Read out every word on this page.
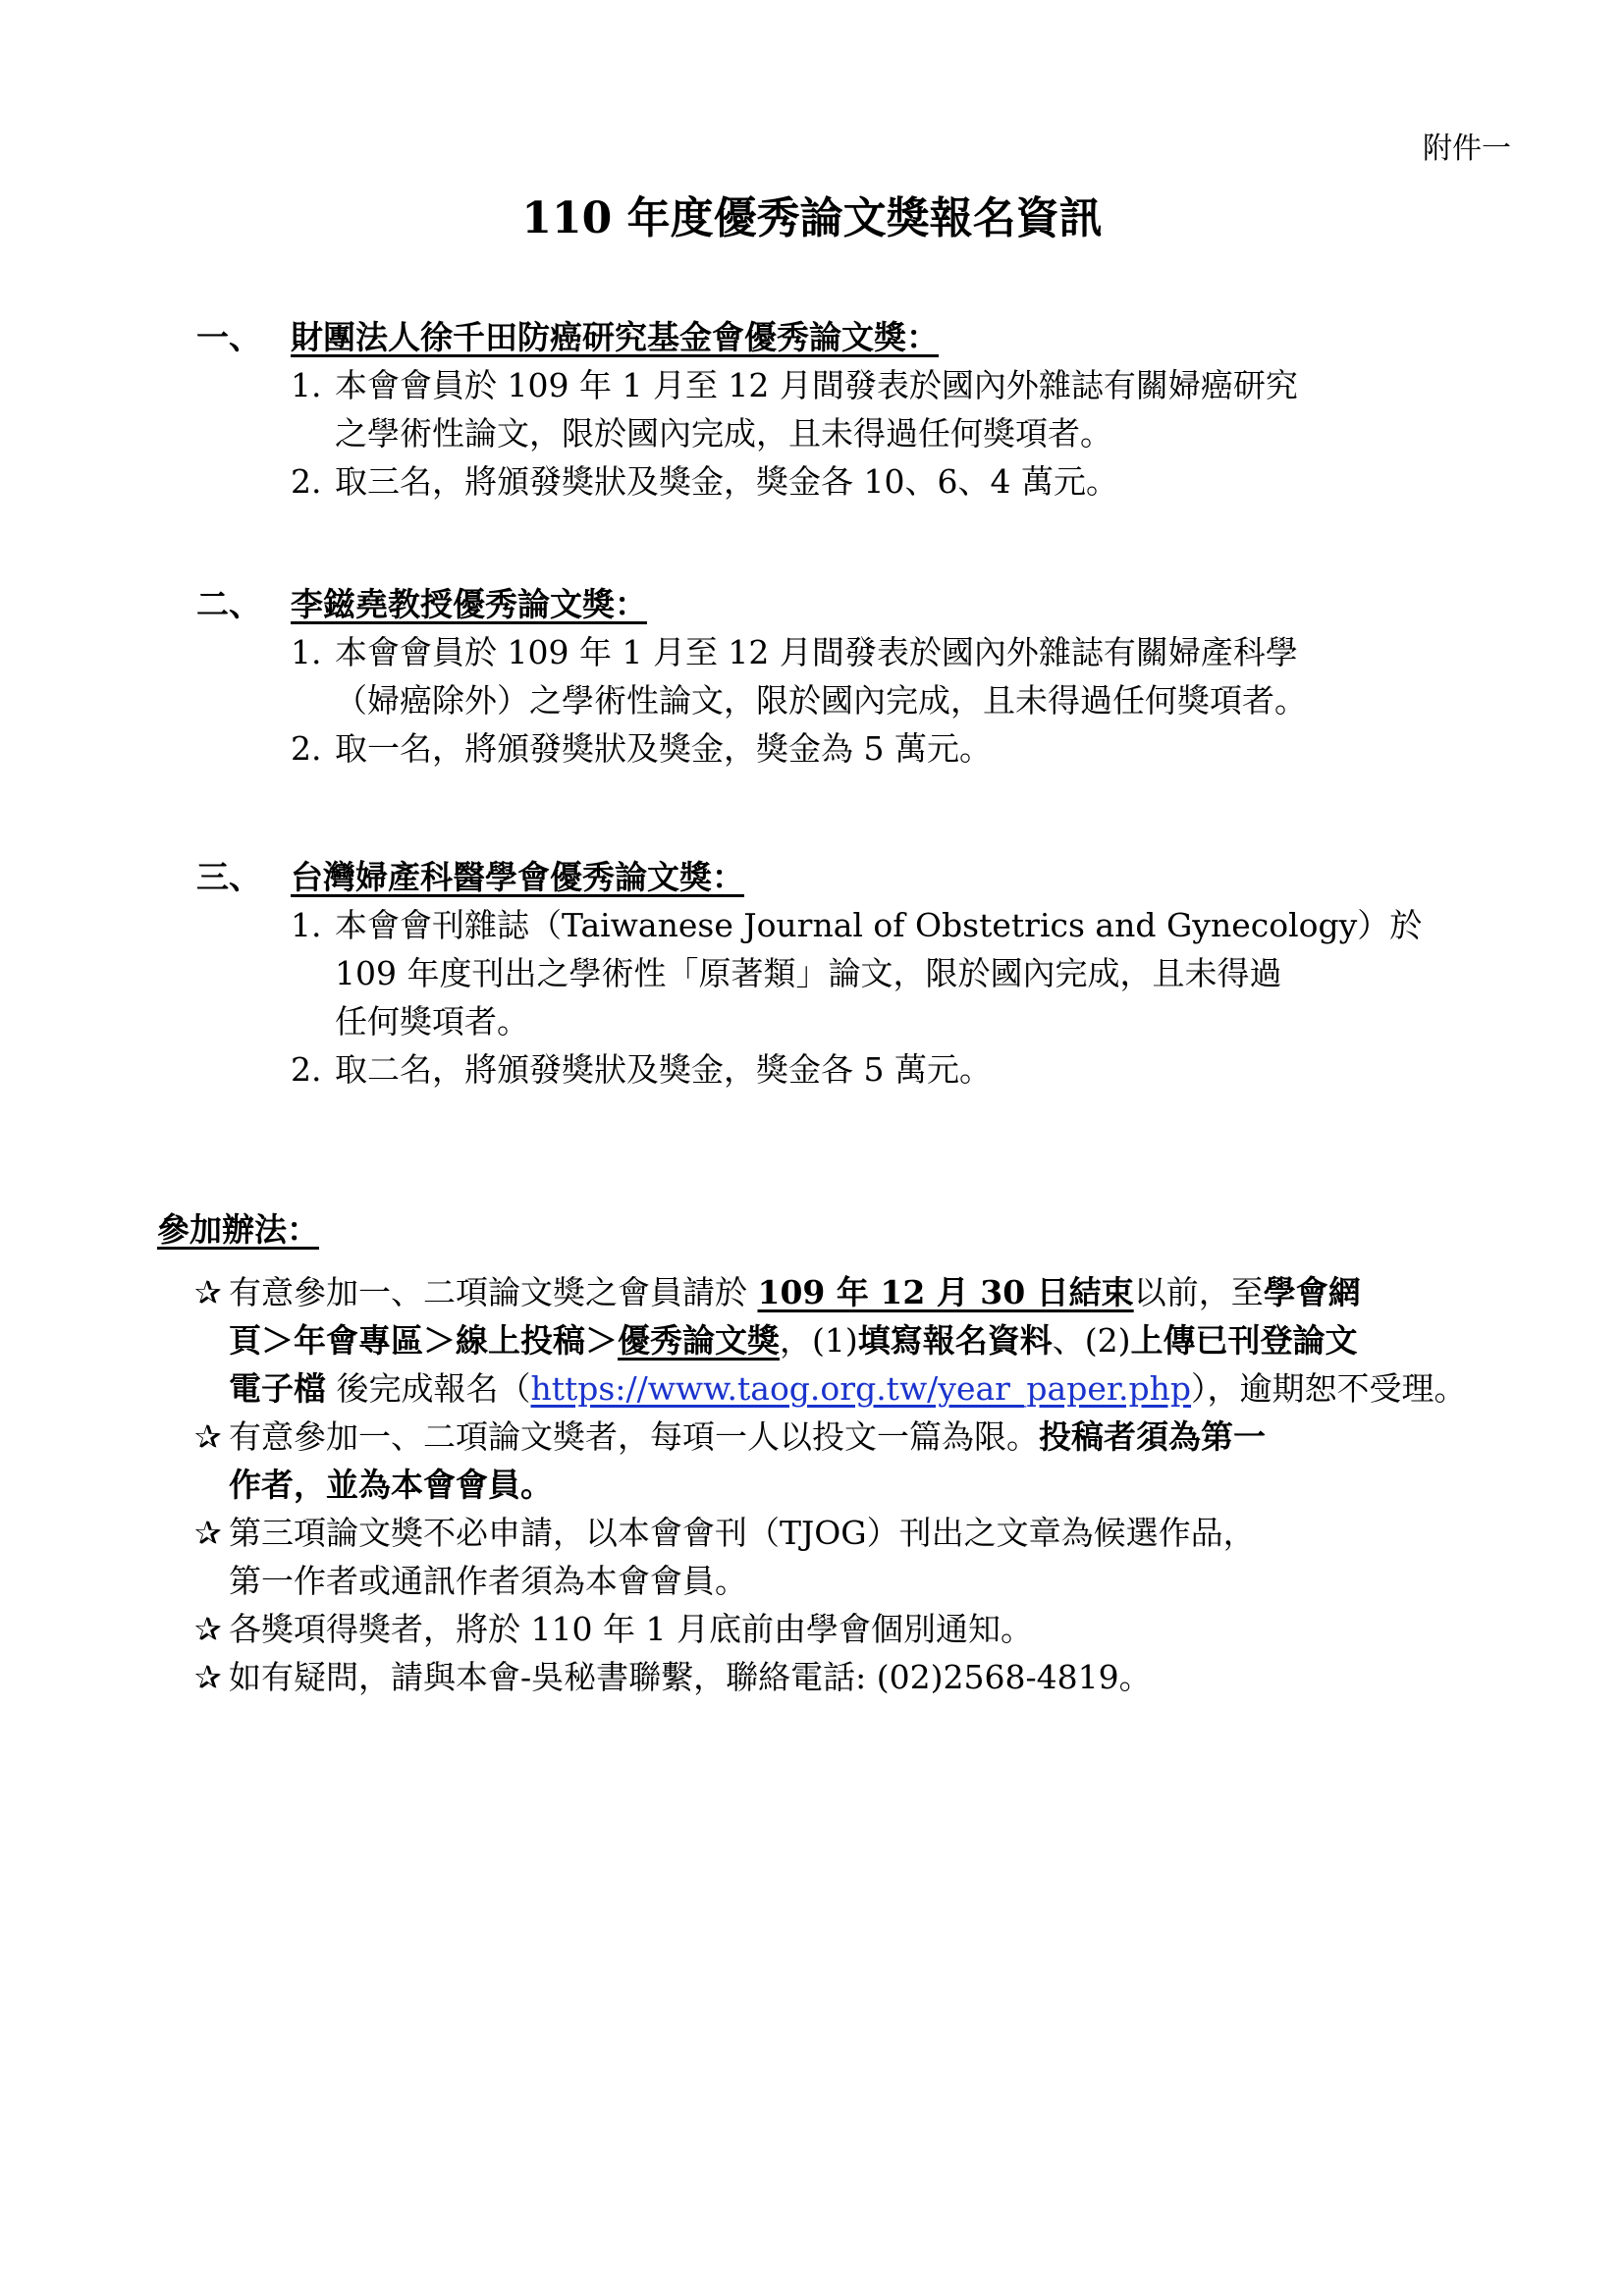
附件一
110 年度優秀論文獎報名資訊
一、 財團法人徐千田防癌研究基金會優秀論文獎：
1. 本會會員於 109 年 1 月至 12 月間發表於國內外雜誌有關婦癌研究
之學術性論文，限於國內完成，且未得過任何獎項者。
2. 取三名，將頒發獎狀及獎金，獎金各 10、6、4 萬元。
二、 李鎡堯教授優秀論文獎：
1. 本會會員於 109 年 1 月至 12 月間發表於國內外雜誌有關婦產科學
（婦癌除外）之學術性論文，限於國內完成，且未得過任何獎項者。
2. 取一名，將頒發獎狀及獎金，獎金為 5 萬元。
三、 台灣婦產科醫學會優秀論文獎：
1. 本會會刊雜誌（Taiwanese Journal of Obstetrics and Gynecology）於
109 年度刊出之學術性「原著類」論文，限於國內完成，且未得過
任何獎項者。
2. 取二名，將頒發獎狀及獎金，獎金各 5 萬元。
參加辦法：
✰ 有意參加一、二項論文獎之會員請於 109 年 12 月 30 日結束以前，至學會網
頁＞年會專區＞線上投稿＞優秀論文獎，(1)填寫報名資料、(2)上傳已刊登論文
電子檔 後完成報名（https://www.taog.org.tw/year_paper.php），逾期恕不受理。
✰ 有意參加一、二項論文獎者，每項一人以投文一篇為限。投稿者須為第一
作者，並為本會會員。
✰ 第三項論文獎不必申請，以本會會刊（TJOG）刊出之文章為候選作品，
第一作者或通訊作者須為本會會員。
✰ 各獎項得獎者，將於 110 年 1 月底前由學會個別通知。
✰ 如有疑問，請與本會-吳秘書聯繫，聯絡電話: (02)2568-4819。
